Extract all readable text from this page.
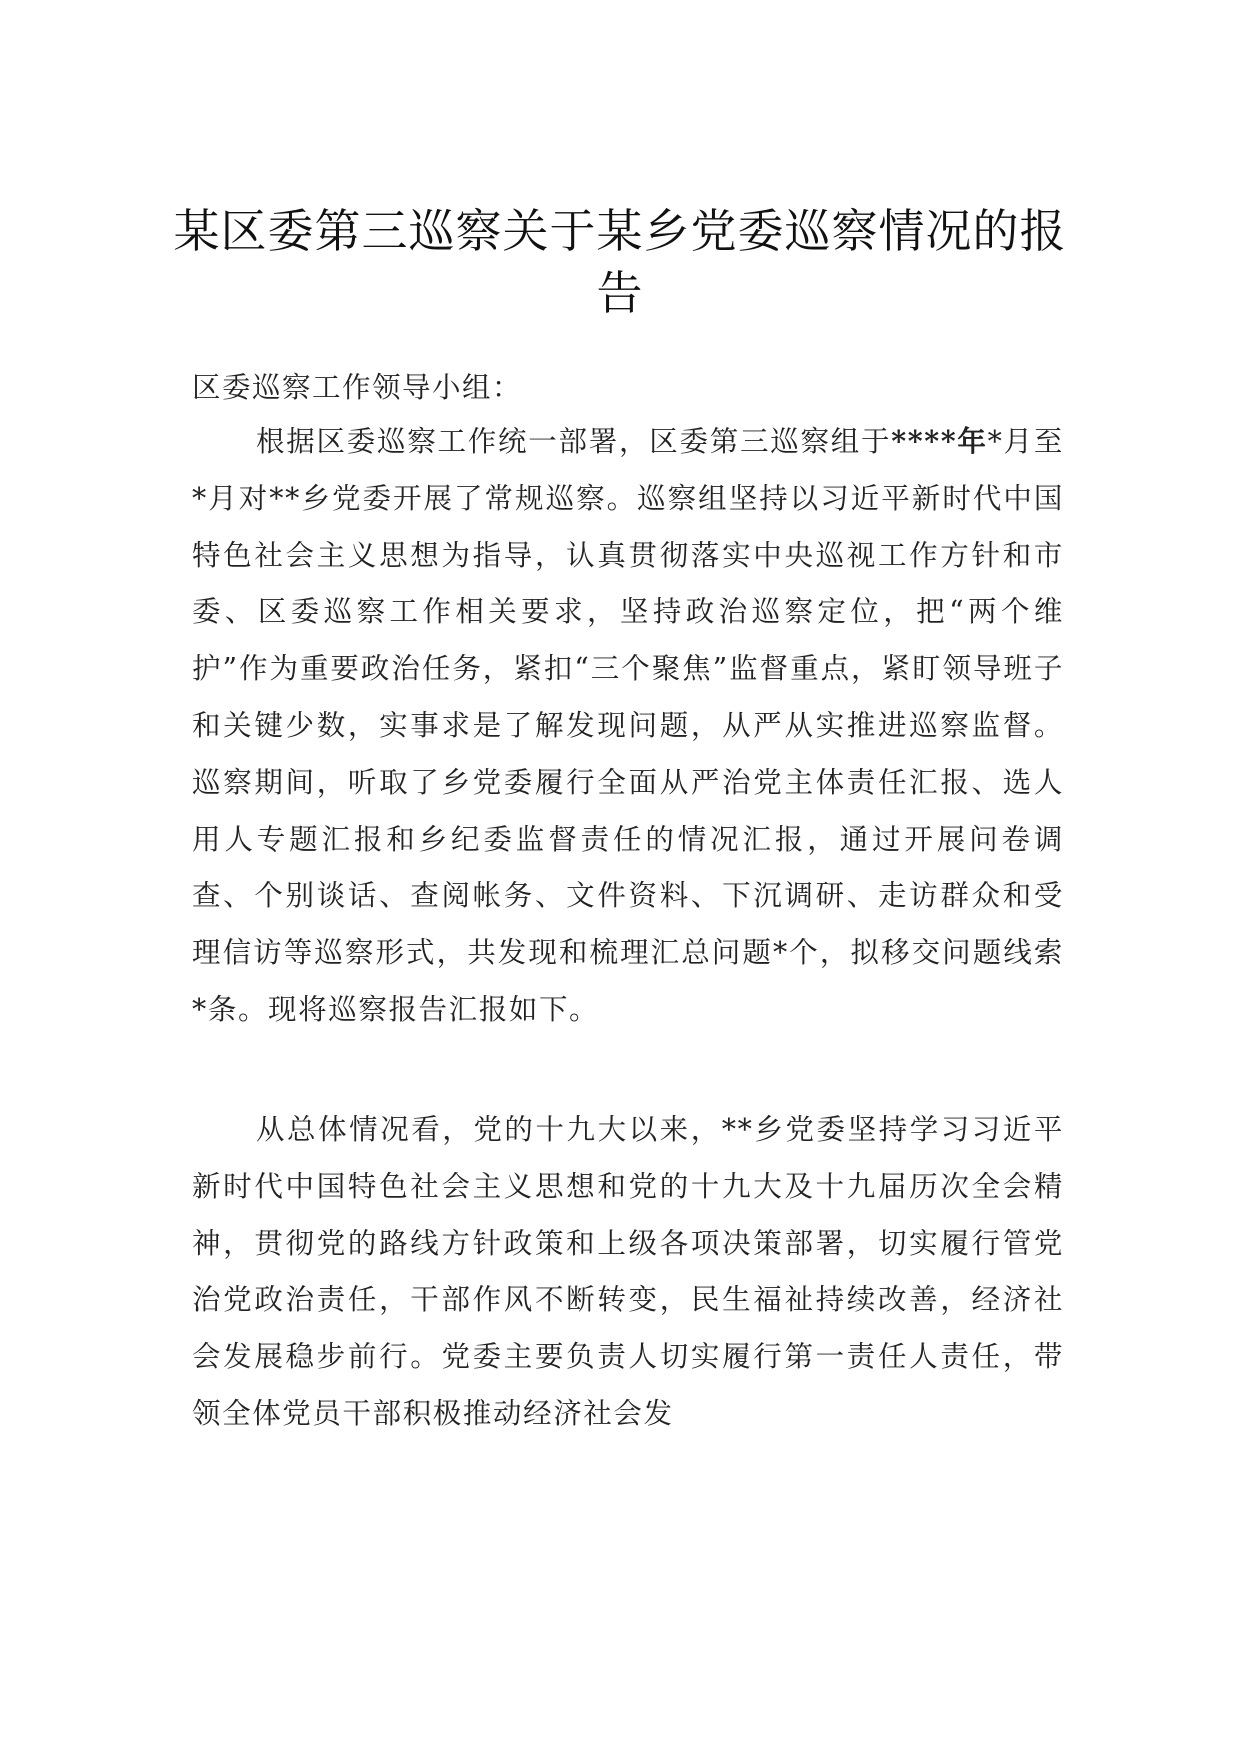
某区委第三巡察关于某乡党委巡察情况的报告

区委巡察工作领导小组：

根据区委巡察工作统一部署，区委第三巡察组于****年*月至*月对**乡党委开展了常规巡察。巡察组坚持以习近平新时代中国特色社会主义思想为指导，认真贯彻落实中央巡视工作方针和市委、区委巡察工作相关要求，坚持政治巡察定位，把“两个维护”作为重要政治任务，紧扣“三个聚焦”监督重点，紧盯领导班子和关键少数，实事求是了解发现问题，从严从实推进巡察监督。巡察期间，听取了乡党委履行全面从严治党主体责任汇报、选人用人专题汇报和乡纪委监督责任的情况汇报，通过开展问卷调查、个别谈话、查阅帐务、文件资料、下沉调研、走访群众和受理信访等巡察形式，共发现和梳理汇总问题*个，拟移交问题线索*条。现将巡察报告汇报如下。

从总体情况看，党的十九大以来，**乡党委坚持学习习近平新时代中国特色社会主义思想和党的十九大及十九届历次全会精神，贯彻党的路线方针政策和上级各项决策部署，切实履行管党治党政治责任，干部作风不断转变，民生福祉持续改善，经济社会发展稳步前行。党委主要负责人切实履行第一责任人责任，带领全体党员干部积极推动经济社会发
